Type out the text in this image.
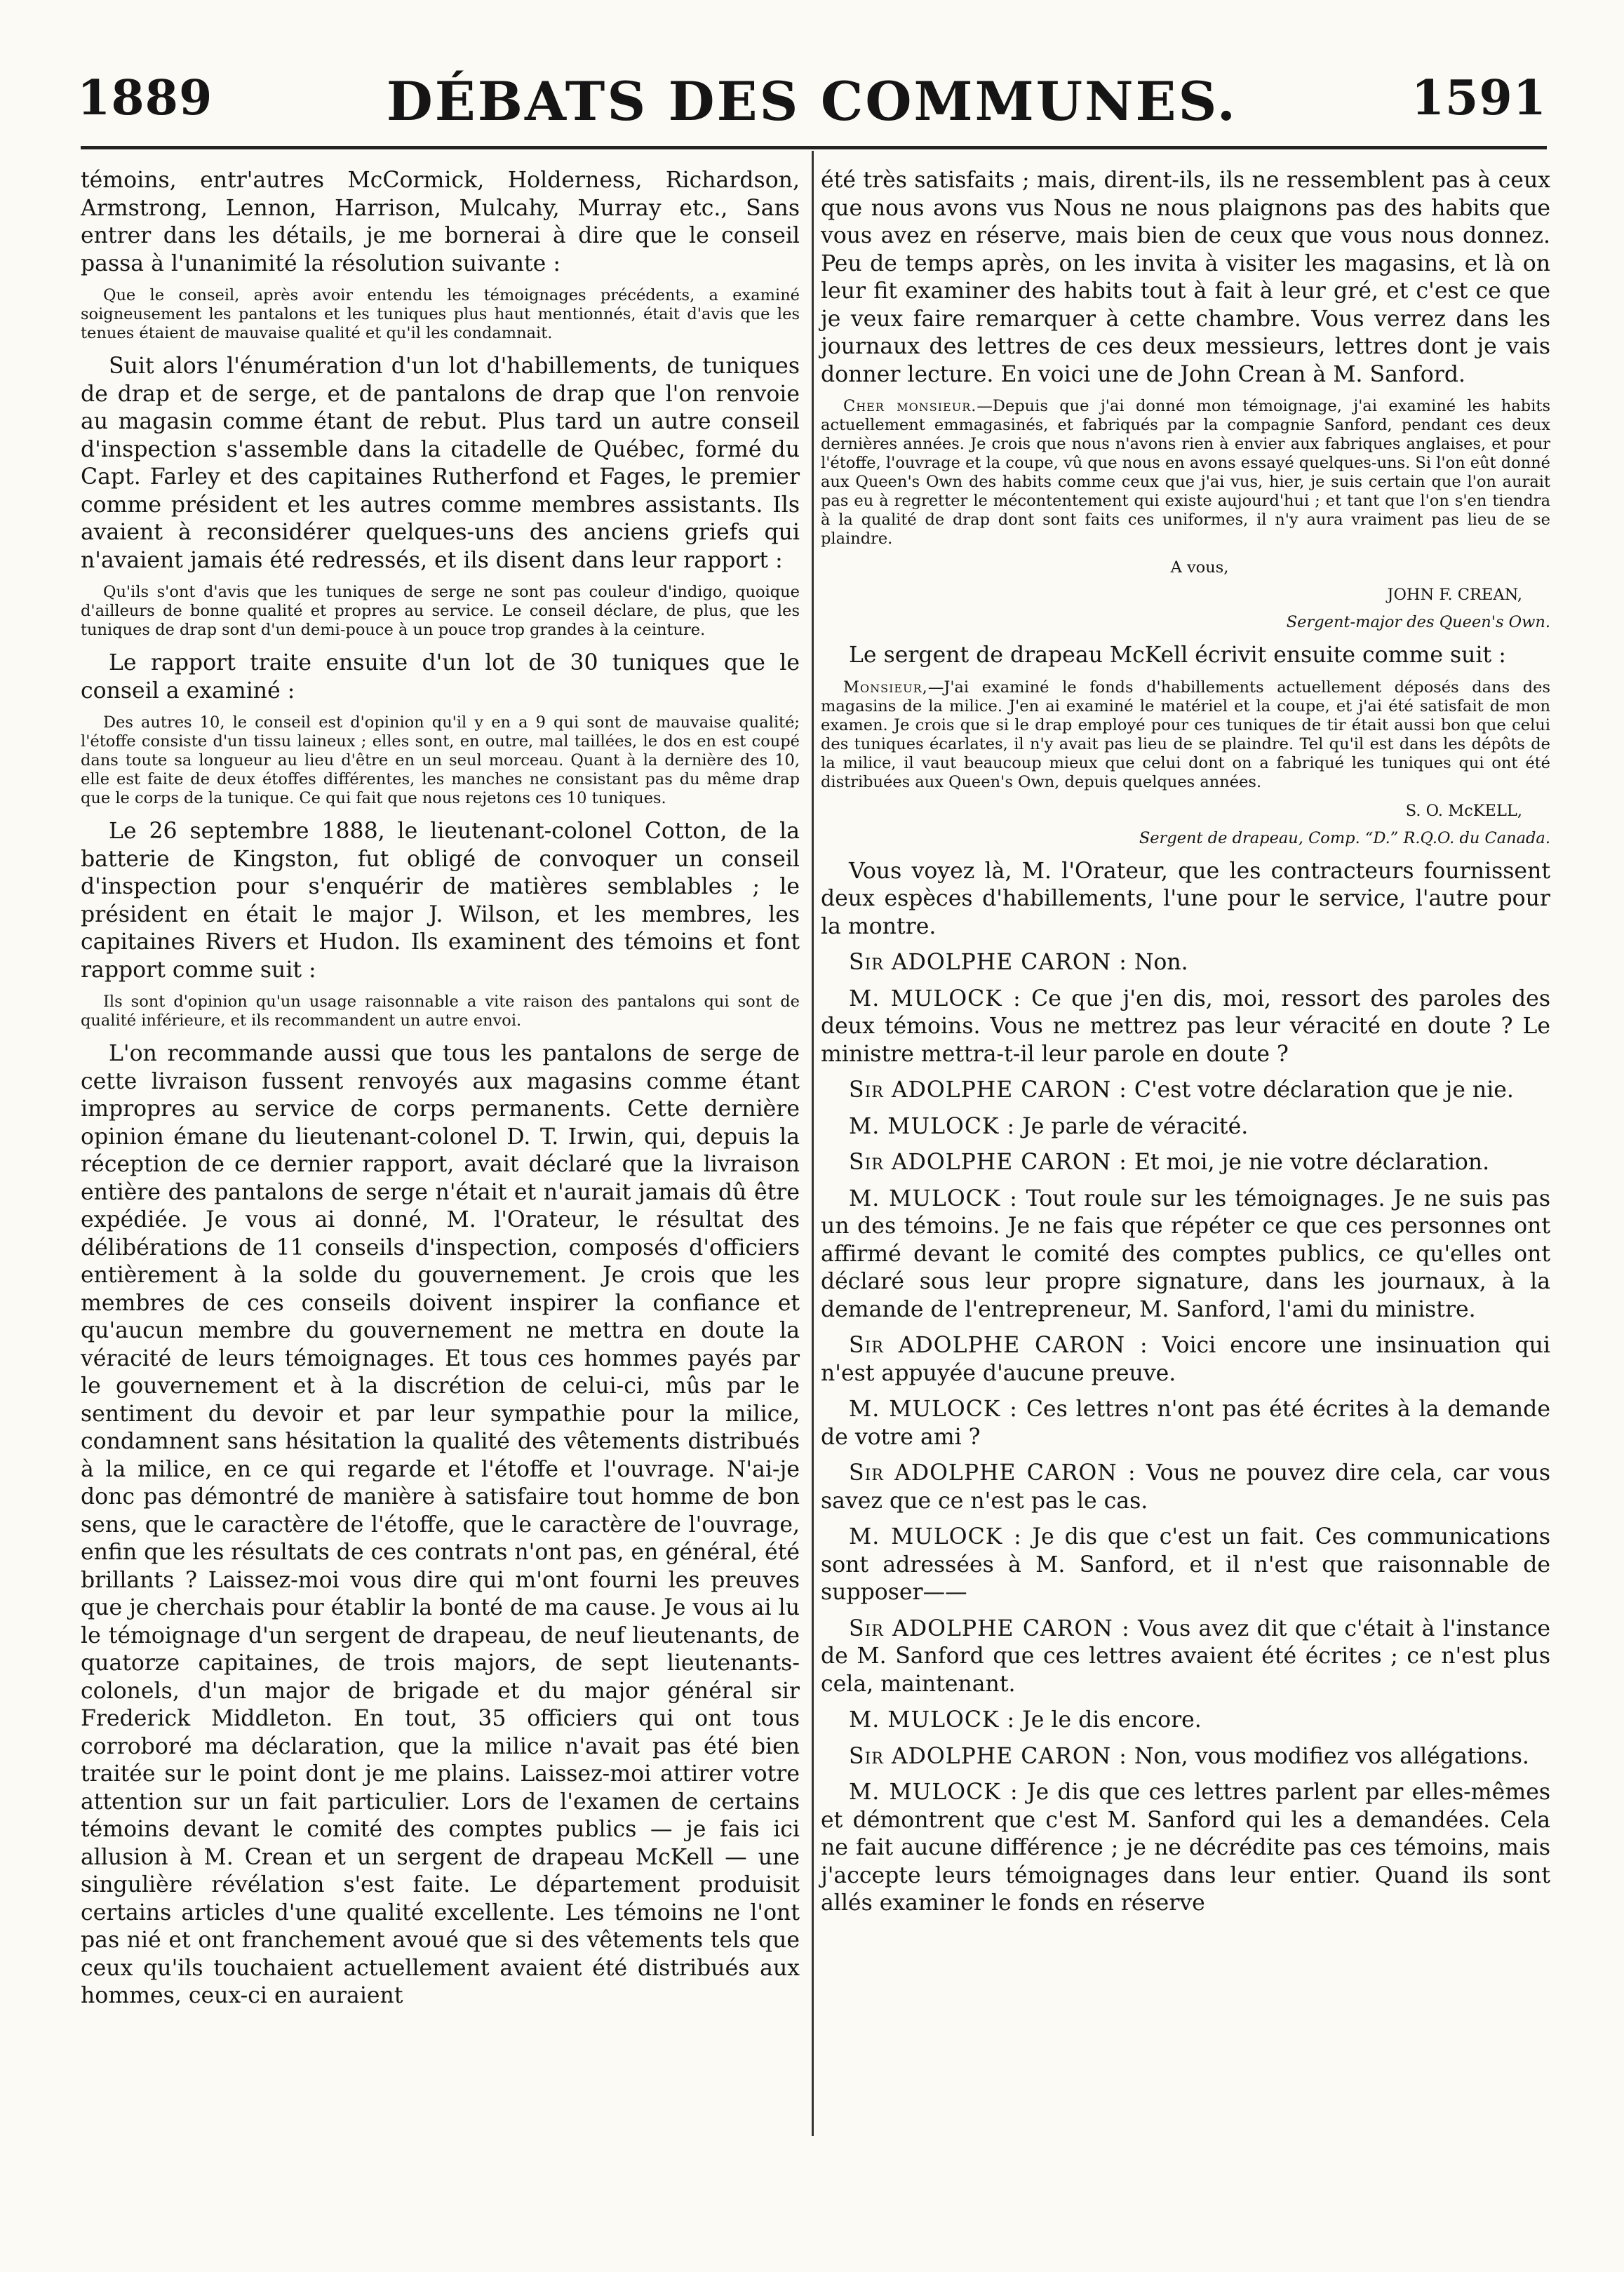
1889	DÉBATS DES COMMUNES.	1591

témoins, entr'autres McCormick, Holderness, Richardson, Armstrong, Lennon, Harrison, Mulcahy, Murray etc., Sans entrer dans les détails, je me bornerai à dire que le conseil passa à l'unanimité la résolution suivante :

Que le conseil, après avoir entendu les témoignages précédents, a examiné soigneusement les pantalons et les tuniques plus haut mentionnés, était d'avis que les tenues étaient de mauvaise qualité et qu'il les condamnait.

Suit alors l'énumération d'un lot d'habillements, de tuniques de drap et de serge, et de pantalons de drap que l'on renvoie au magasin comme étant de rebut. Plus tard un autre conseil d'inspection s'assemble dans la citadelle de Québec, formé du Capt. Farley et des capitaines Rutherfond et Fages, le premier comme président et les autres comme membres assistants. Ils avaient à reconsidérer quelques-uns des anciens griefs qui n'avaient jamais été redressés, et ils disent dans leur rapport :

Qu'ils s'ont d'avis que les tuniques de serge ne sont pas couleur d'indigo, quoique d'ailleurs de bonne qualité et propres au service. Le conseil déclare, de plus, que les tuniques de drap sont d'un demi-pouce à un pouce trop grandes à la ceinture.

Le rapport traite ensuite d'un lot de 30 tuniques que le conseil a examiné :

Des autres 10, le conseil est d'opinion qu'il y en a 9 qui sont de mauvaise qualité; l'étoffe consiste d'un tissu laineux ; elles sont, en outre, mal taillées, le dos en est coupé dans toute sa longueur au lieu d'être en un seul morceau. Quant à la dernière des 10, elle est faite de deux étoffes différentes, les manches ne consistant pas du même drap que le corps de la tunique. Ce qui fait que nous rejetons ces 10 tuniques.

Le 26 septembre 1888, le lieutenant-colonel Cotton, de la batterie de Kingston, fut obligé de convoquer un conseil d'inspection pour s'enquérir de matières semblables ; le président en était le major J. Wilson, et les membres, les capitaines Rivers et Hudon. Ils examinent des témoins et font rapport comme suit :

Ils sont d'opinion qu'un usage raisonnable a vite raison des pantalons qui sont de qualité inférieure, et ils recommandent un autre envoi.

L'on recommande aussi que tous les pantalons de serge de cette livraison fussent renvoyés aux magasins comme étant impropres au service de corps permanents. Cette dernière opinion émane du lieutenant-colonel D. T. Irwin, qui, depuis la réception de ce dernier rapport, avait déclaré que la livraison entière des pantalons de serge n'était et n'aurait jamais dû être expédiée. Je vous ai donné, M. l'Orateur, le résultat des délibérations de 11 conseils d'inspection, composés d'officiers entièrement à la solde du gouvernement. Je crois que les membres de ces conseils doivent inspirer la confiance et qu'aucun membre du gouvernement ne mettra en doute la véracité de leurs témoignages. Et tous ces hommes payés par le gouvernement et à la discrétion de celui-ci, mûs par le sentiment du devoir et par leur sympathie pour la milice, condamnent sans hésitation la qualité des vêtements distribués à la milice, en ce qui regarde et l'étoffe et l'ouvrage. N'ai-je donc pas démontré de manière à satisfaire tout homme de bon sens, que le caractère de l'étoffe, que le caractère de l'ouvrage, enfin que les résultats de ces contrats n'ont pas, en général, été brillants ? Laissez-moi vous dire qui m'ont fourni les preuves que je cherchais pour établir la bonté de ma cause. Je vous ai lu le témoignage d'un sergent de drapeau, de neuf lieutenants, de quatorze capitaines, de trois majors, de sept lieutenants-colonels, d'un major de brigade et du major général sir Frederick Middleton. En tout, 35 officiers qui ont tous corroboré ma déclaration, que la milice n'avait pas été bien traitée sur le point dont je me plains. Laissez-moi attirer votre attention sur un fait particulier. Lors de l'examen de certains témoins devant le comité des comptes publics — je fais ici allusion à M. Crean et un sergent de drapeau McKell — une singulière révélation s'est faite. Le département produisit certains articles d'une qualité excellente. Les témoins ne l'ont pas nié et ont franchement avoué que si des vêtements tels que ceux qu'ils touchaient actuellement avaient été distribués aux hommes, ceux-ci en auraient

été très satisfaits ; mais, dirent-ils, ils ne ressemblent pas à ceux que nous avons vus Nous ne nous plaignons pas des habits que vous avez en réserve, mais bien de ceux que vous nous donnez. Peu de temps après, on les invita à visiter les magasins, et là on leur fit examiner des habits tout à fait à leur gré, et c'est ce que je veux faire remarquer à cette chambre. Vous verrez dans les journaux des lettres de ces deux messieurs, lettres dont je vais donner lecture. En voici une de John Crean à M. Sanford.

Cher monsieur.—Depuis que j'ai donné mon témoignage, j'ai examiné les habits actuellement emmagasinés, et fabriqués par la compagnie Sanford, pendant ces deux dernières années. Je crois que nous n'avons rien à envier aux fabriques anglaises, et pour l'étoffe, l'ouvrage et la coupe, vû que nous en avons essayé quelques-uns. Si l'on eût donné aux Queen's Own des habits comme ceux que j'ai vus, hier, je suis certain que l'on aurait pas eu à regretter le mécontentement qui existe aujourd'hui ; et tant que l'on s'en tiendra à la qualité de drap dont sont faits ces uniformes, il n'y aura vraiment pas lieu de se plaindre.

A vous,

JOHN F. CREAN,

Sergent-major des Queen's Own.

Le sergent de drapeau McKell écrivit ensuite comme suit :

Monsieur,—J'ai examiné le fonds d'habillements actuellement déposés dans des magasins de la milice. J'en ai examiné le matériel et la coupe, et j'ai été satisfait de mon examen. Je crois que si le drap employé pour ces tuniques de tir était aussi bon que celui des tuniques écarlates, il n'y avait pas lieu de se plaindre. Tel qu'il est dans les dépôts de la milice, il vaut beaucoup mieux que celui dont on a fabriqué les tuniques qui ont été distribuées aux Queen's Own, depuis quelques années.

S. O. McKELL,

Sergent de drapeau, Comp. “D.” R.Q.O. du Canada.

Vous voyez là, M. l'Orateur, que les contracteurs fournissent deux espèces d'habillements, l'une pour le service, l'autre pour la montre.

Sir ADOLPHE CARON : Non.

M. MULOCK : Ce que j'en dis, moi, ressort des paroles des deux témoins. Vous ne mettrez pas leur véracité en doute ? Le ministre mettra-t-il leur parole en doute ?

Sir ADOLPHE CARON : C'est votre déclaration que je nie.

M. MULOCK : Je parle de véracité.

Sir ADOLPHE CARON : Et moi, je nie votre déclaration.

M. MULOCK : Tout roule sur les témoignages. Je ne suis pas un des témoins. Je ne fais que répéter ce que ces personnes ont affirmé devant le comité des comptes publics, ce qu'elles ont déclaré sous leur propre signature, dans les journaux, à la demande de l'entrepreneur, M. Sanford, l'ami du ministre.

Sir ADOLPHE CARON : Voici encore une insinuation qui n'est appuyée d'aucune preuve.

M. MULOCK : Ces lettres n'ont pas été écrites à la demande de votre ami ?

Sir ADOLPHE CARON : Vous ne pouvez dire cela, car vous savez que ce n'est pas le cas.

M. MULOCK : Je dis que c'est un fait. Ces communications sont adressées à M. Sanford, et il n'est que raisonnable de supposer——

Sir ADOLPHE CARON : Vous avez dit que c'était à l'instance de M. Sanford que ces lettres avaient été écrites ; ce n'est plus cela, maintenant.

M. MULOCK : Je le dis encore.

Sir ADOLPHE CARON : Non, vous modifiez vos allégations.

M. MULOCK : Je dis que ces lettres parlent par elles-mêmes et démontrent que c'est M. Sanford qui les a demandées. Cela ne fait aucune différence ; je ne décrédite pas ces témoins, mais j'accepte leurs témoignages dans leur entier. Quand ils sont allés examiner le fonds en réserve
